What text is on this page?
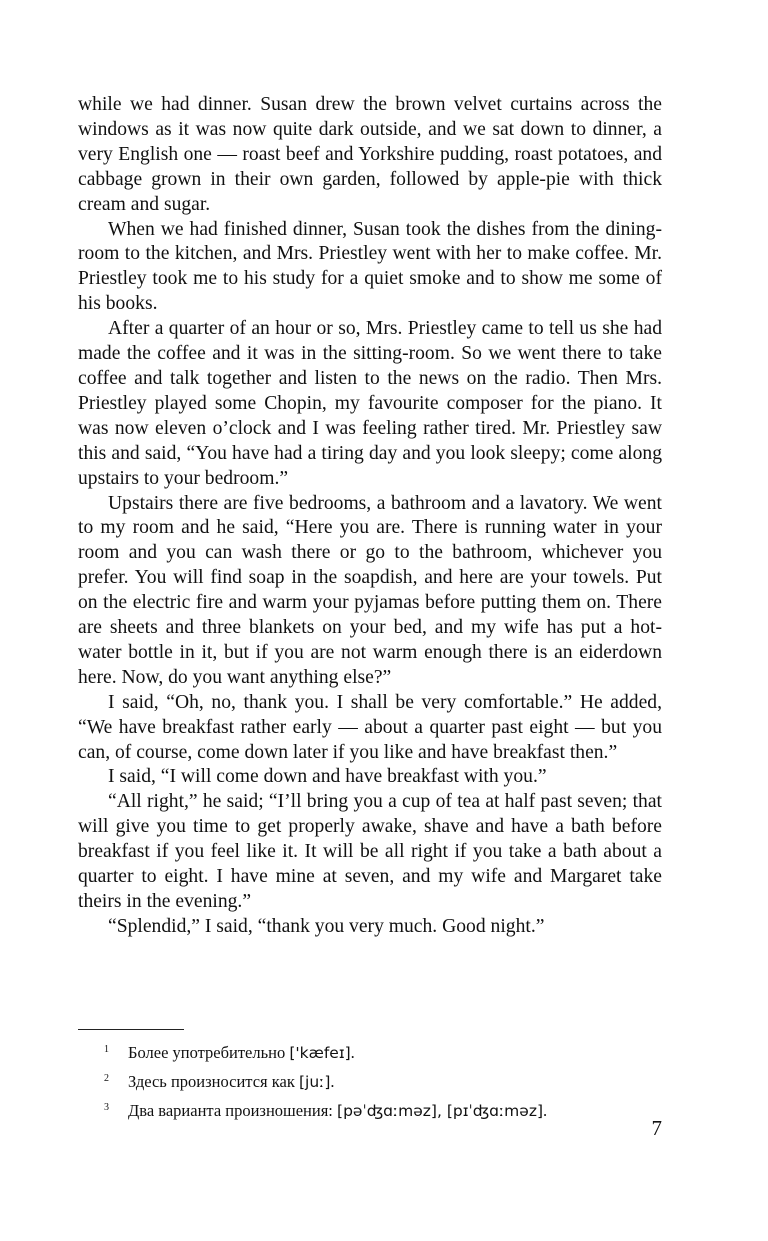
while we had dinner. Susan drew the brown velvet curtains across the windows as it was now quite dark outside, and we sat down to dinner, a very English one — roast beef and Yorkshire pudding, roast potatoes, and cabbage grown in their own garden, followed by apple-pie with thick cream and sugar.

When we had finished dinner, Susan took the dishes from the dining-room to the kitchen, and Mrs. Priestley went with her to make coffee. Mr. Priestley took me to his study for a quiet smoke and to show me some of his books.

After a quarter of an hour or so, Mrs. Priestley came to tell us she had made the coffee and it was in the sitting-room. So we went there to take coffee and talk together and listen to the news on the radio. Then Mrs. Priestley played some Chopin, my favourite composer for the piano. It was now eleven o’clock and I was feeling rather tired. Mr. Priestley saw this and said, “You have had a tiring day and you look sleepy; come along upstairs to your bedroom.”

Upstairs there are five bedrooms, a bathroom and a lavatory. We went to my room and he said, “Here you are. There is running water in your room and you can wash there or go to the bathroom, whichever you prefer. You will find soap in the soapdish, and here are your towels. Put on the electric fire and warm your pyjamas before putting them on. There are sheets and three blankets on your bed, and my wife has put a hot-water bottle in it, but if you are not warm enough there is an eiderdown here. Now, do you want anything else?”

I said, “Oh, no, thank you. I shall be very comfortable.” He added, “We have breakfast rather early — about a quarter past eight — but you can, of course, come down later if you like and have breakfast then.”

I said, “I will come down and have breakfast with you.”

“All right,” he said; “I’ll bring you a cup of tea at half past seven; that will give you time to get properly awake, shave and have a bath before breakfast if you feel like it. It will be all right if you take a bath about a quarter to eight. I have mine at seven, and my wife and Margaret take theirs in the evening.”

“Splendid,” I said, “thank you very much. Good night.”

1 Более употребительно ['kæfeɪ].
2 Здесь произносится как [juː].
3 Два варианта произношения: [pəˈʤɑːməz], [pɪˈʤɑːməz].
7
